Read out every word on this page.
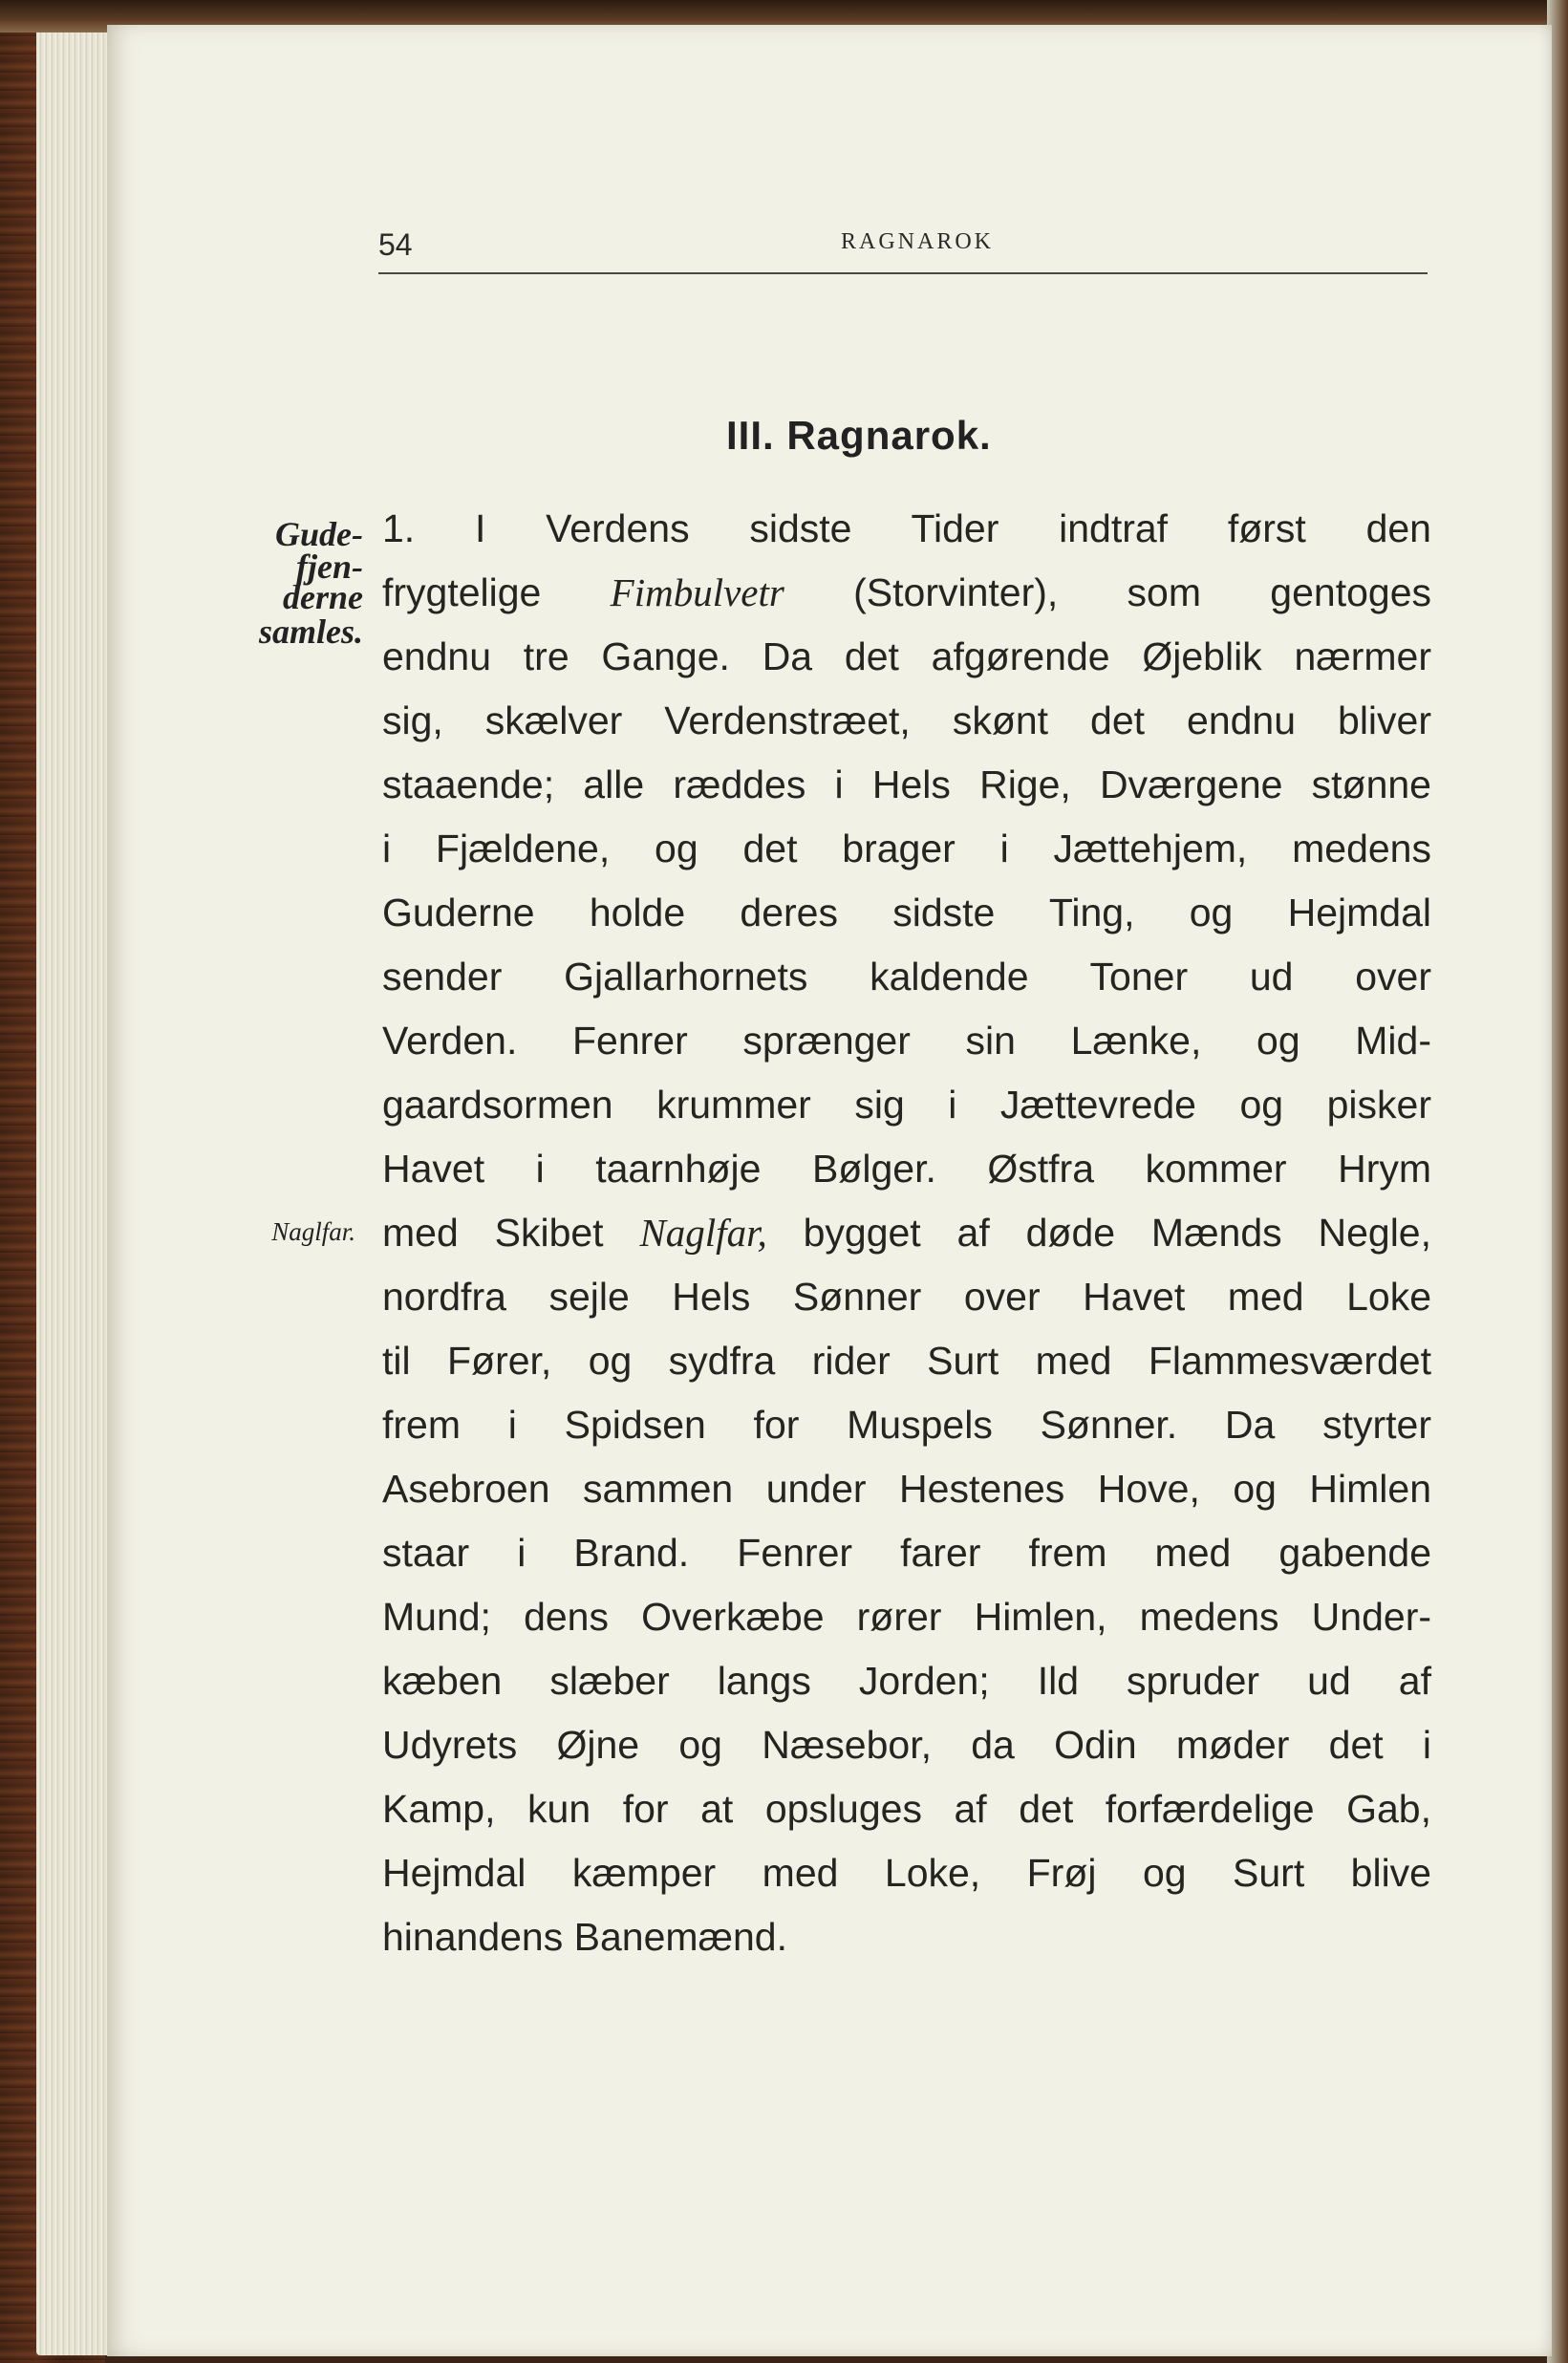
54	RAGNAROK
III. Ragnarok.
Gude-
fjen-
derne
samles.
Naglfar.
1. I Verdens sidste Tider indtraf først den
frygtelige Fimbulvetr (Storvinter), som gentoges
endnu tre Gange. Da det afgørende Øjeblik nærmer
sig, skælver Verdenstræet, skønt det endnu bliver
staaende; alle ræddes i Hels Rige, Dværgene stønne
i Fjældene, og det brager i Jættehjem, medens
Guderne holde deres sidste Ting, og Hejmdal
sender Gjallarhornets kaldende Toner ud over
Verden. Fenrer sprænger sin Lænke, og Mid-
gaardsormen krummer sig i Jættevrede og pisker
Havet i taarnhøje Bølger. Østfra kommer Hrym
med Skibet Naglfar, bygget af døde Mænds Negle,
nordfra sejle Hels Sønner over Havet med Loke
til Fører, og sydfra rider Surt med Flammesværdet
frem i Spidsen for Muspels Sønner. Da styrter
Asebroen sammen under Hestenes Hove, og Himlen
staar i Brand. Fenrer farer frem med gabende
Mund; dens Overkæbe rører Himlen, medens Under-
kæben slæber langs Jorden; Ild spruder ud af
Udyrets Øjne og Næsebor, da Odin møder det i
Kamp, kun for at opsluges af det forfærdelige Gab,
Hejmdal kæmper med Loke, Frøj og Surt blive
hinandens Banemænd.
